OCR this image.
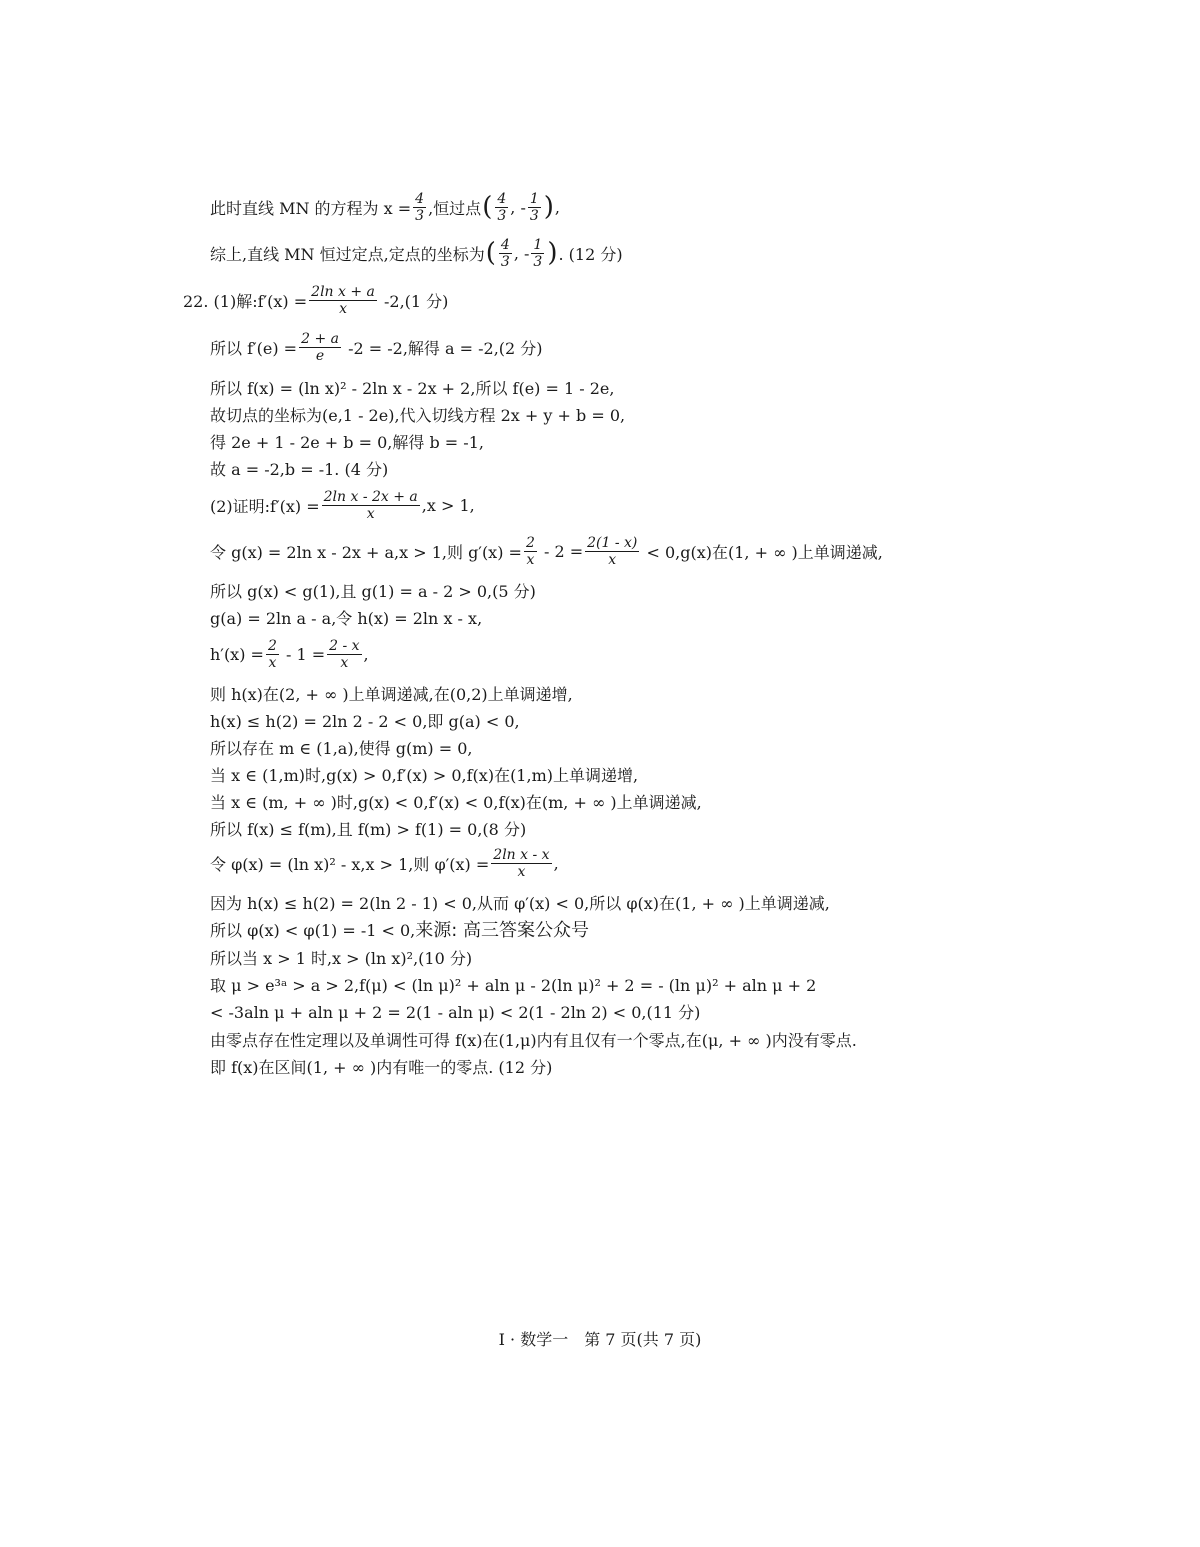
此时直线 MN 的方程为 $x = \frac{4}{3}$ ,恒过点 ( $\frac{4}{3}$ , - $\frac{1}{3}$ ) ,
综上,直线 MN 恒过定点,定点的坐标为 ( $\frac{4}{3}$ , - $\frac{1}{3}$ ) . (12 分)
22. (1)解:f′(x) = $\frac{\text{2ln x + a}}{x} -2,(1$ 分)
所以 $f'(e) = \frac{2 + a}{e} -2 = -2$,解得 a = -2,(2 分)
所以 f(x) = (ln x)² - 2ln x - 2x + 2,所以 f(e) = 1 - 2e,
故切点的坐标为(e,1 - 2e),代入切线方程 2x + y + b = 0,
得 2e + 1 - 2e + b = 0,解得 b = -1,
故 a = -2,b = -1. (4 分)
(2)证明:f′(x) = $\frac{\text{2ln x - 2x + a}}{x} ,x > 1$,
令 g(x) = 2ln x - 2x + a,x > 1,则 $g'(x) = \frac{2}{x} - 2 = \frac{2(1 - x)}{x} < 0,g(x)$在(1, + ∞ )上单调递减,
所以 g(x) < g(1),且 g(1) = a - 2 > 0,(5 分)
g(a) = 2ln a - a,令 h(x) = 2ln x - x,
$h'(x) = \frac{2}{x} - 1 = \frac{2 - x}{x}$ ,
则 h(x)在(2, + ∞ )上单调递减,在(0,2)上单调递增,
h(x) ≤ h(2) = 2ln 2 - 2 < 0,即 g(a) < 0,
所以存在 m ∈ (1,a),使得 g(m) = 0,
当 x ∈ (1,m)时,g(x) > 0,f′(x) > 0,f(x)在(1,m)上单调递增,
当 x ∈ (m, + ∞ )时,g(x) < 0,f′(x) < 0,f(x)在(m, + ∞ )上单调递减,
所以 f(x) ≤ f(m),且 f(m) > f(1) = 0,(8 分)
令 φ(x) = (ln x)² - x,x > 1,则 $\varphi'(x) = \frac{\text{2ln x - x}}{x}$ ,
因为 h(x) ≤ h(2) = 2(ln 2 - 1) < 0,从而 φ′(x) < 0,所以 φ(x)在(1, + ∞ )上单调递减,
所以 φ(x) < φ(1) = -1 < 0, 来源: 高三答案公众号
所以当 x > 1 时,x > (ln x)²,(10 分)
取 μ > e³ᵃ > a > 2,f(μ) < (ln μ)² + aln μ - 2(ln μ)² + 2 = - (ln μ)² + aln μ + 2
< -3aln μ + aln μ + 2 = 2(1 - aln μ) < 2(1 - 2ln 2) < 0,(11 分)
由零点存在性定理以及单调性可得 f(x)在(1,μ)内有且仅有一个零点,在(μ, + ∞ )内没有零点.
即 f(x)在区间(1, + ∞ )内有唯一的零点. (12 分)
Ⅰ · 数学一　第 7 页(共 7 页)
